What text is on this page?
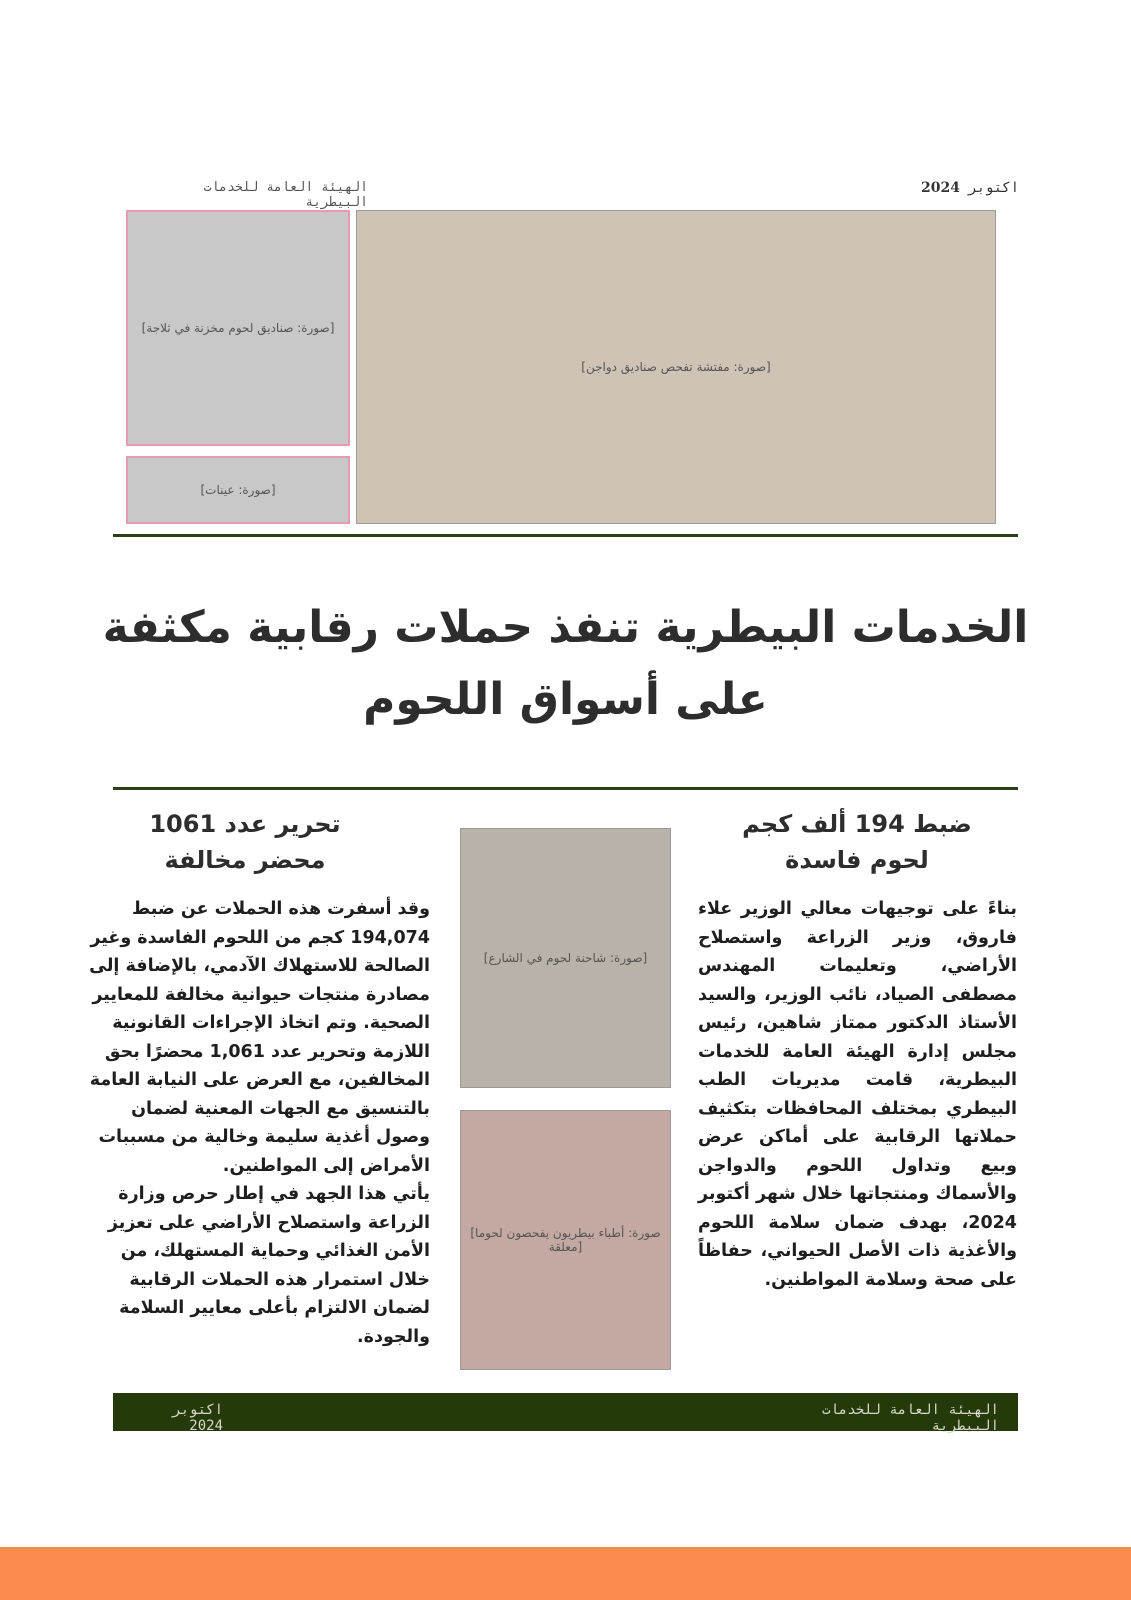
الهيئة العامة للخدمات البيطرية
اكتوبر 2024
[صورة: صناديق لحوم مخزنة في ثلاجة]
[صورة: عينات]
[صورة: مفتشة تفحص صناديق دواجن]
الخدمات البيطرية تنفذ حملات رقابية مكثفة على أسواق اللحوم
ضبط 194 ألف كجم
لحوم فاسدة

بناءً على توجيهات معالي الوزير علاء فاروق، وزير الزراعة واستصلاح الأراضي، وتعليمات المهندس مصطفى الصياد، نائب الوزير، والسيد الأستاذ الدكتور ممتاز شاهين، رئيس مجلس إدارة الهيئة العامة للخدمات البيطرية، قامت مديريات الطب البيطري بمختلف المحافظات بتكثيف حملاتها الرقابية على أماكن عرض وبيع وتداول اللحوم والدواجن والأسماك ومنتجاتها خلال شهر أكتوبر 2024، بهدف ضمان سلامة اللحوم والأغذية ذات الأصل الحيواني، حفاظاً على صحة وسلامة المواطنين.

[صورة: شاحنة لحوم في الشارع]
[صورة: أطباء بيطريون يفحصون لحوما معلقة]
تحرير عدد 1061
محضر مخالفة

وقد أسفرت هذه الحملات عن ضبط 194,074 كجم من اللحوم الفاسدة وغير الصالحة للاستهلاك الآدمي، بالإضافة إلى مصادرة منتجات حيوانية مخالفة للمعايير الصحية. وتم اتخاذ الإجراءات القانونية اللازمة وتحرير عدد 1,061 محضرًا بحق المخالفين، مع العرض على النيابة العامة بالتنسيق مع الجهات المعنية لضمان وصول أغذية سليمة وخالية من مسببات الأمراض إلى المواطنين.

يأتي هذا الجهد في إطار حرص وزارة الزراعة واستصلاح الأراضي على تعزيز الأمن الغذائي وحماية المستهلك، من خلال استمرار هذه الحملات الرقابية لضمان الالتزام بأعلى معايير السلامة والجودة.

الهيئة العامة للخدمات البيطرية
اكتوبر 2024
